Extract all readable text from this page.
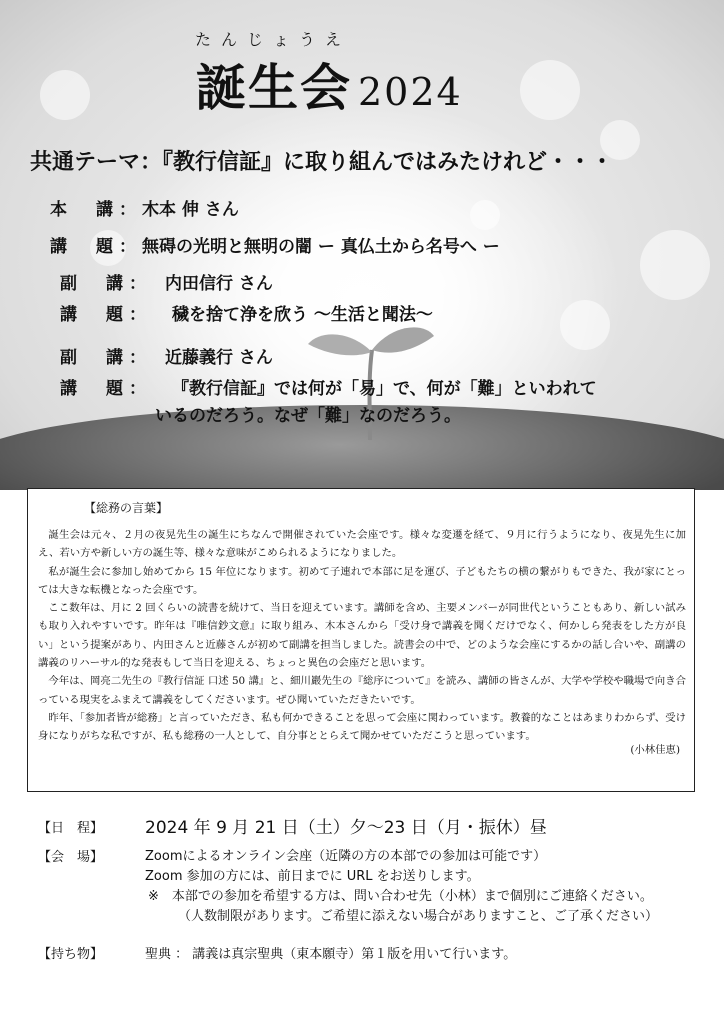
たんじょうえ
誕生会 2024
共通テーマ：『教行信証』に取り組んではみたけれど・・・
本　講：木本 伸 さん
講　題：無碍の光明と無明の闇 ー 真仏土から名号へ ー
副　講： 内田信行 さん
講　題： 穢を捨て浄を欣う 〜生活と聞法〜
副　講： 近藤義行 さん
講　題： 『教行信証』では何が「易」で、何が「難」といわれて
いるのだろう。なぜ「難」なのだろう。
【総務の言葉】

誕生会は元々、２月の夜晃先生の誕生にちなんで開催されていた会座です。様々な変遷を経て、９月に行うようになり、夜晃先生に加え、若い方や新しい方の誕生等、様々な意味がこめられるようになりました。

私が誕生会に参加し始めてから 15 年位になります。初めて子連れで本部に足を運び、子どもたちの横の繋がりもできた、我が家にとっては大きな転機となった会座です。

ここ数年は、月に 2 回くらいの読書を続けて、当日を迎えています。講師を含め、主要メンバーが同世代ということもあり、新しい試みも取り入れやすいです。昨年は『唯信鈔文意』に取り組み、木本さんから「受け身で講義を聞くだけでなく、何かしら発表をした方が良い」という提案があり、内田さんと近藤さんが初めて副講を担当しました。読書会の中で、どのような会座にするかの話し合いや、副講の講義のリハーサル的な発表もして当日を迎える、ちょっと異色の会座だと思います。

今年は、岡亮二先生の『教行信証 口述 50 講』と、細川巖先生の『総序について』を読み、講師の皆さんが、大学や学校や職場で向き合っている現実をふまえて講義をしてくださいます。ぜひ聞いていただきたいです。

昨年、「参加者皆が総務」と言っていただき、私も何かできることを思って会座に関わっています。教養的なことはあまりわからず、受け身になりがちな私ですが、私も総務の一人として、自分事ととらえて聞かせていただこうと思っています。

(小林佳恵)
【日　程】 2024 年 9 月 21 日（土）夕〜23 日（月・振休）昼
【会　場】	Zoomによるオンライン会座（近隣の方の本部での参加は可能です）
Zoom 参加の方には、前日までに URL をお送りします。
※　本部での参加を希望する方は、問い合わせ先（小林）まで個別にご連絡ください。
（人数制限があります。ご希望に添えない場合がありますこと、ご了承ください）
【持ち物】	聖典 ： 講義は真宗聖典（東本願寺）第１版を用いて行います。
